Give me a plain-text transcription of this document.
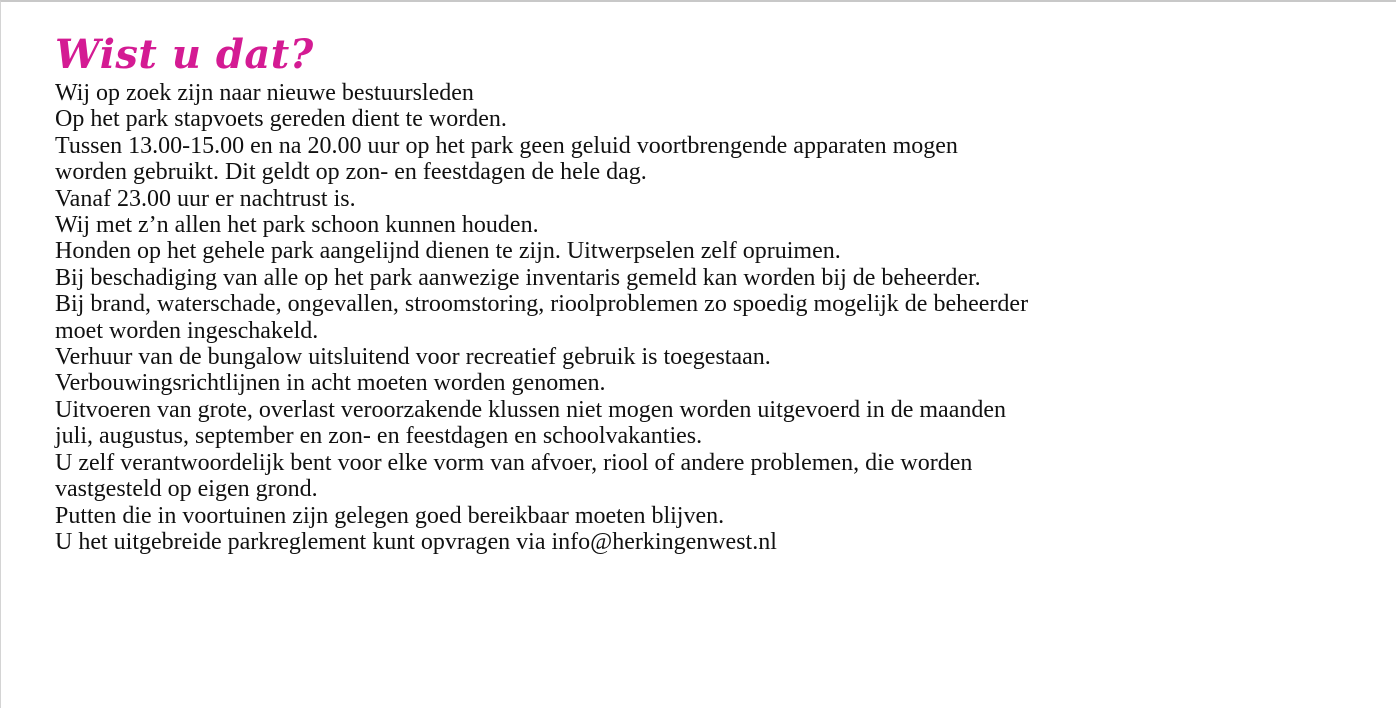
Wist u dat?
Wij op zoek zijn naar nieuwe bestuursleden
Op het park stapvoets gereden dient te worden.
Tussen 13.00-15.00 en na 20.00 uur op het park geen geluid voortbrengende apparaten mogen
worden gebruikt. Dit geldt op zon- en feestdagen de hele dag.
Vanaf 23.00 uur er nachtrust is.
Wij met z’n allen het park schoon kunnen houden.
Honden op het gehele park aangelijnd dienen te zijn. Uitwerpselen zelf opruimen.
Bij beschadiging van alle op het park aanwezige inventaris gemeld kan worden bij de beheerder.
Bij brand, waterschade, ongevallen, stroomstoring, rioolproblemen zo spoedig mogelijk de beheerder
moet worden ingeschakeld.
Verhuur van de bungalow uitsluitend voor recreatief gebruik is toegestaan.
Verbouwingsrichtlijnen in acht moeten worden genomen.
Uitvoeren van grote, overlast veroorzakende klussen niet mogen worden uitgevoerd in de maanden
juli, augustus, september en zon- en feestdagen en schoolvakanties.
U zelf verantwoordelijk bent voor elke vorm van afvoer, riool of andere problemen, die worden
vastgesteld op eigen grond.
Putten die in voortuinen zijn gelegen goed bereikbaar moeten blijven.
U het uitgebreide parkreglement kunt opvragen via info@herkingenwest.nl
